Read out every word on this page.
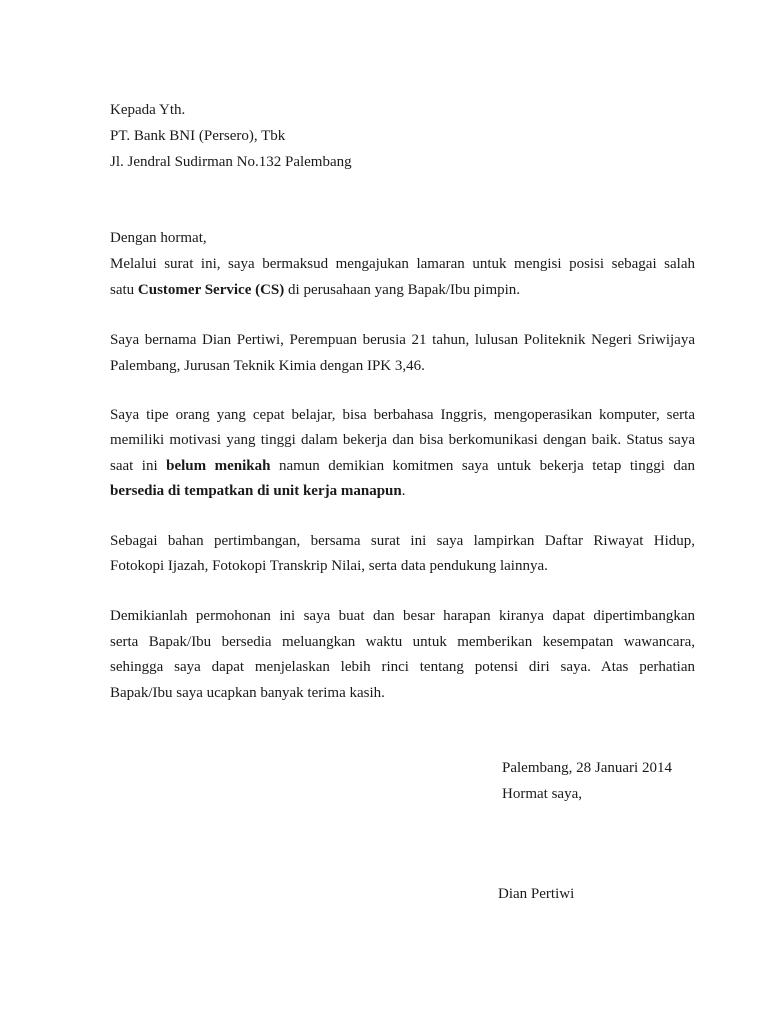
Kepada Yth.
PT. Bank BNI (Persero), Tbk
Jl. Jendral Sudirman No.132 Palembang
Dengan hormat,
Melalui surat ini, saya bermaksud mengajukan lamaran untuk mengisi posisi sebagai salah
satu Customer Service (CS) di perusahaan yang Bapak/Ibu pimpin.
Saya bernama Dian Pertiwi, Perempuan berusia 21 tahun, lulusan Politeknik Negeri Sriwijaya
Palembang, Jurusan Teknik Kimia dengan IPK 3,46.
Saya tipe orang yang cepat belajar, bisa berbahasa Inggris, mengoperasikan komputer, serta
memiliki motivasi yang tinggi dalam bekerja dan bisa berkomunikasi dengan baik. Status saya
saat ini belum menikah namun demikian komitmen saya untuk bekerja tetap tinggi dan
bersedia di tempatkan di unit kerja manapun.
Sebagai bahan pertimbangan, bersama surat ini saya lampirkan Daftar Riwayat Hidup,
Fotokopi Ijazah, Fotokopi Transkrip Nilai, serta data pendukung lainnya.
Demikianlah permohonan ini saya buat dan besar harapan kiranya dapat dipertimbangkan
serta Bapak/Ibu bersedia meluangkan waktu untuk memberikan kesempatan wawancara,
sehingga saya dapat menjelaskan lebih rinci tentang potensi diri saya. Atas perhatian
Bapak/Ibu saya ucapkan banyak terima kasih.
Palembang, 28 Januari 2014
Hormat saya,
Dian Pertiwi
